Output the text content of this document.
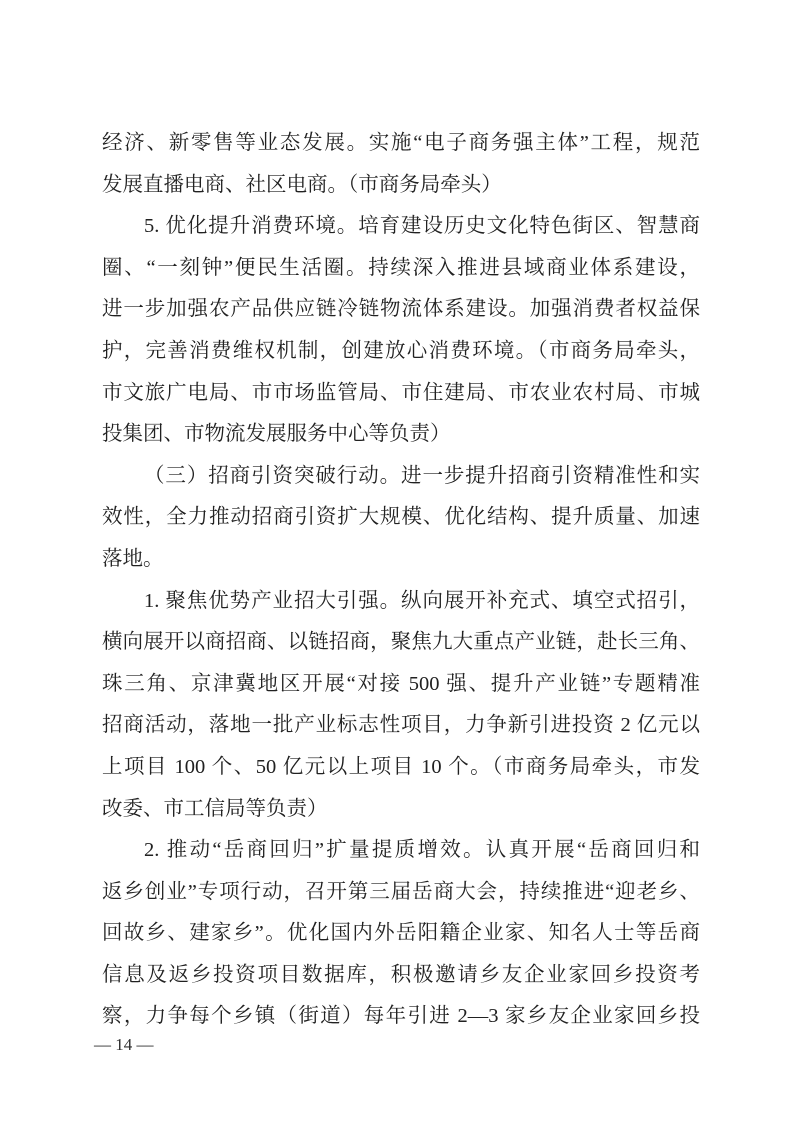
经济、新零售等业态发展。实施“电子商务强主体”工程，规范
发展直播电商、社区电商。（市商务局牵头）
5. 优化提升消费环境。培育建设历史文化特色街区、智慧商
圈、“一刻钟”便民生活圈。持续深入推进县域商业体系建设，
进一步加强农产品供应链冷链物流体系建设。加强消费者权益保
护，完善消费维权机制，创建放心消费环境。（市商务局牵头，
市文旅广电局、市市场监管局、市住建局、市农业农村局、市城
投集团、市物流发展服务中心等负责）
（三）招商引资突破行动。进一步提升招商引资精准性和实
效性，全力推动招商引资扩大规模、优化结构、提升质量、加速
落地。
1. 聚焦优势产业招大引强。纵向展开补充式、填空式招引，
横向展开以商招商、以链招商，聚焦九大重点产业链，赴长三角、
珠三角、京津冀地区开展“对接 500 强、提升产业链”专题精准
招商活动，落地一批产业标志性项目，力争新引进投资 2 亿元以
上项目 100 个、50 亿元以上项目 10 个。（市商务局牵头，市发
改委、市工信局等负责）
2. 推动“岳商回归”扩量提质增效。认真开展“岳商回归和
返乡创业”专项行动，召开第三届岳商大会，持续推进“迎老乡、
回故乡、建家乡”。优化国内外岳阳籍企业家、知名人士等岳商
信息及返乡投资项目数据库，积极邀请乡友企业家回乡投资考
察，力争每个乡镇（街道）每年引进 2—3 家乡友企业家回乡投
— 14 —
